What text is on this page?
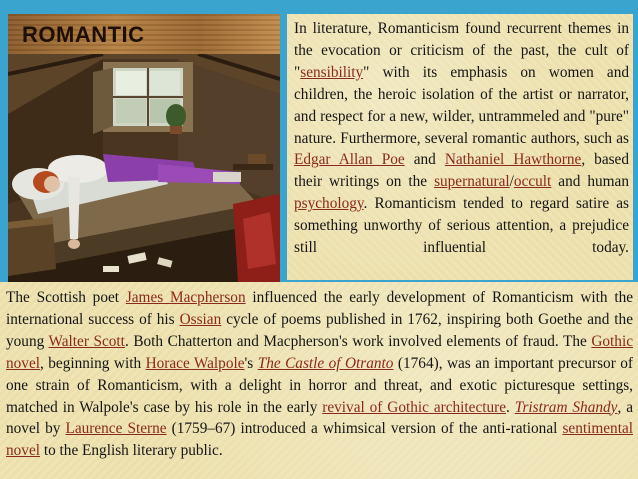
ROMANTIC	In literature, Romanticism found recurrent themes in the evocation or criticism of the past, the cult of "sensibility" with its emphasis on women and children, the heroic isolation of the artist or narrator, and respect for a new, wilder, untrammeled and "pure" nature. Furthermore, several romantic authors, such as Edgar Allan Poe and Nathaniel Hawthorne, based their writings on the supernatural/occult and human psychology. Romanticism tended to regard satire as something unworthy of serious attention, a prejudice still influential today.

The Scottish poet James Macpherson influenced the early development of Romanticism with the international success of his Ossian cycle of poems published in 1762, inspiring both Goethe and the young Walter Scott. Both Chatterton and Macpherson's work involved elements of fraud. The Gothic novel, beginning with Horace Walpole's The Castle of Otranto (1764), was an important precursor of one strain of Romanticism, with a delight in horror and threat, and exotic picturesque settings, matched in Walpole's case by his role in the early revival of Gothic architecture. Tristram Shandy, a novel by Laurence Sterne (1759–67) introduced a whimsical version of the anti-rational sentimental novel to the English literary public.
